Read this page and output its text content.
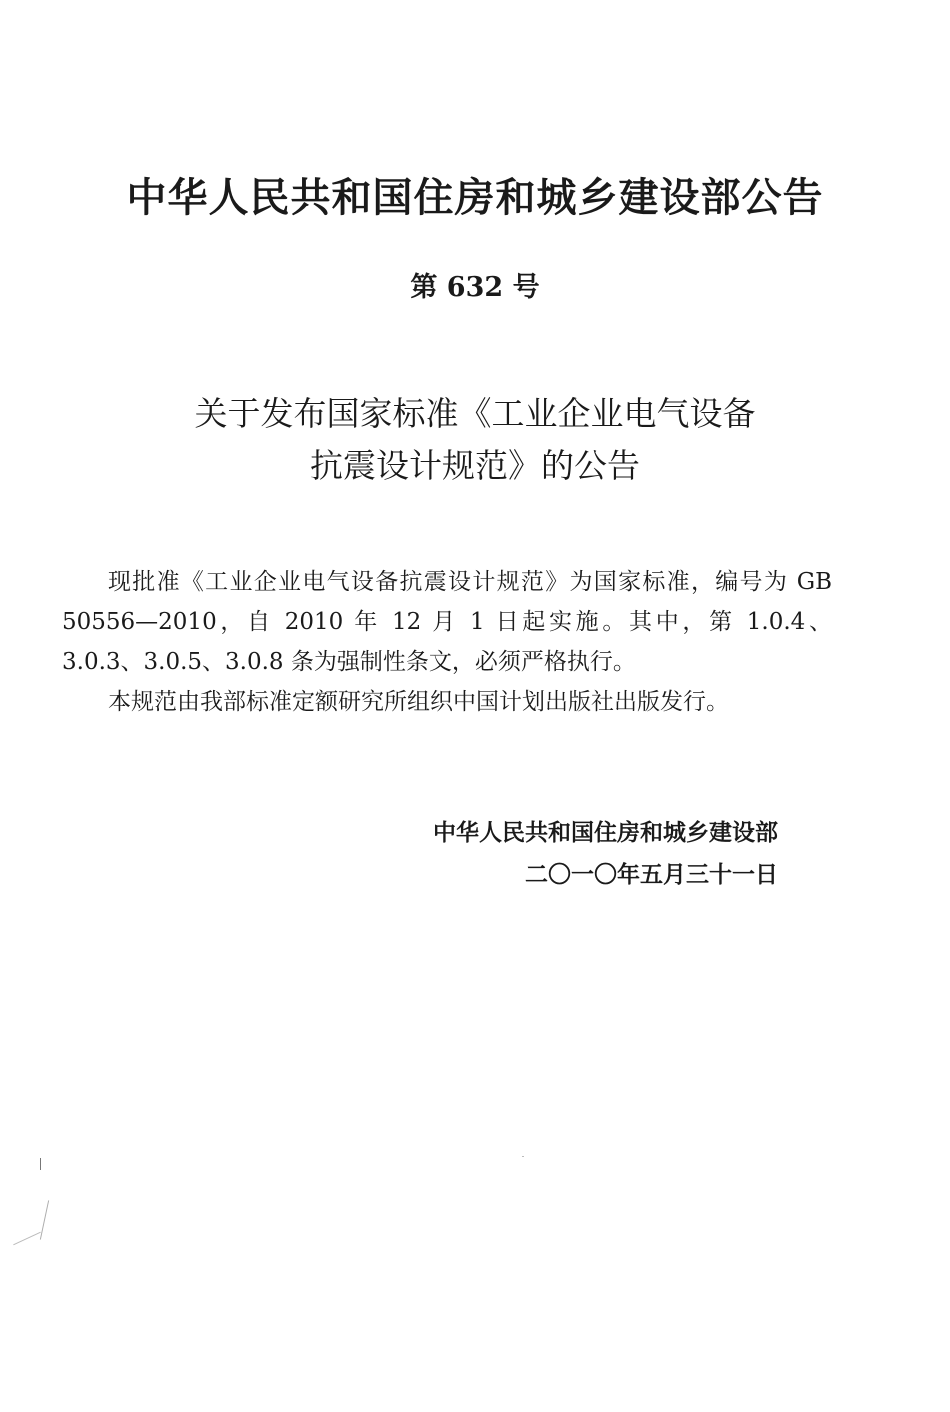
中华人民共和国住房和城乡建设部公告
第 632 号
关于发布国家标准《工业企业电气设备
抗震设计规范》的公告

现批准《工业企业电气设备抗震设计规范》为国家标准，编号为 GB 50556—2010，自 2010 年 12 月 1 日起实施。其中，第 1.0.4、3.0.3、3.0.5、3.0.8 条为强制性条文，必须严格执行。

本规范由我部标准定额研究所组织中国计划出版社出版发行。

中华人民共和国住房和城乡建设部
二〇一〇年五月三十一日
